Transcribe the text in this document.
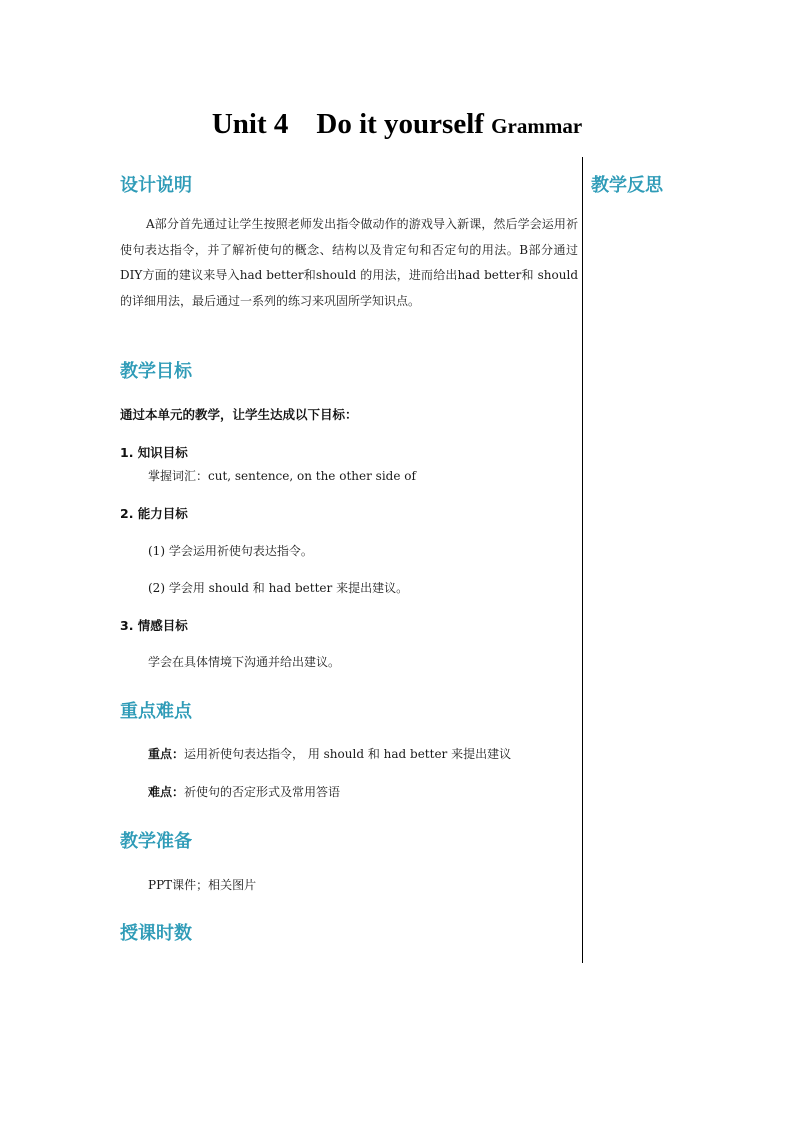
Unit 4 Do it yourself Grammar
教学反思
设计说明
A部分首先通过让学生按照老师发出指令做动作的游戏导入新课，然后学会运用祈使句表达指令，并了解祈使句的概念、结构以及肯定句和否定句的用法。B部分通过DIY方面的建议来导入had better和should 的用法，进而给出had better和 should 的详细用法，最后通过一系列的练习来巩固所学知识点。
教学目标
通过本单元的教学，让学生达成以下目标：
1. 知识目标
掌握词汇：cut, sentence, on the other side of
2. 能力目标
(1) 学会运用祈使句表达指令。
(2) 学会用 should 和 had better 来提出建议。
3. 情感目标
学会在具体情境下沟通并给出建议。
重点难点
重点：运用祈使句表达指令， 用 should 和 had better 来提出建议
难点：祈使句的否定形式及常用答语
教学准备
PPT课件；相关图片
授课时数
